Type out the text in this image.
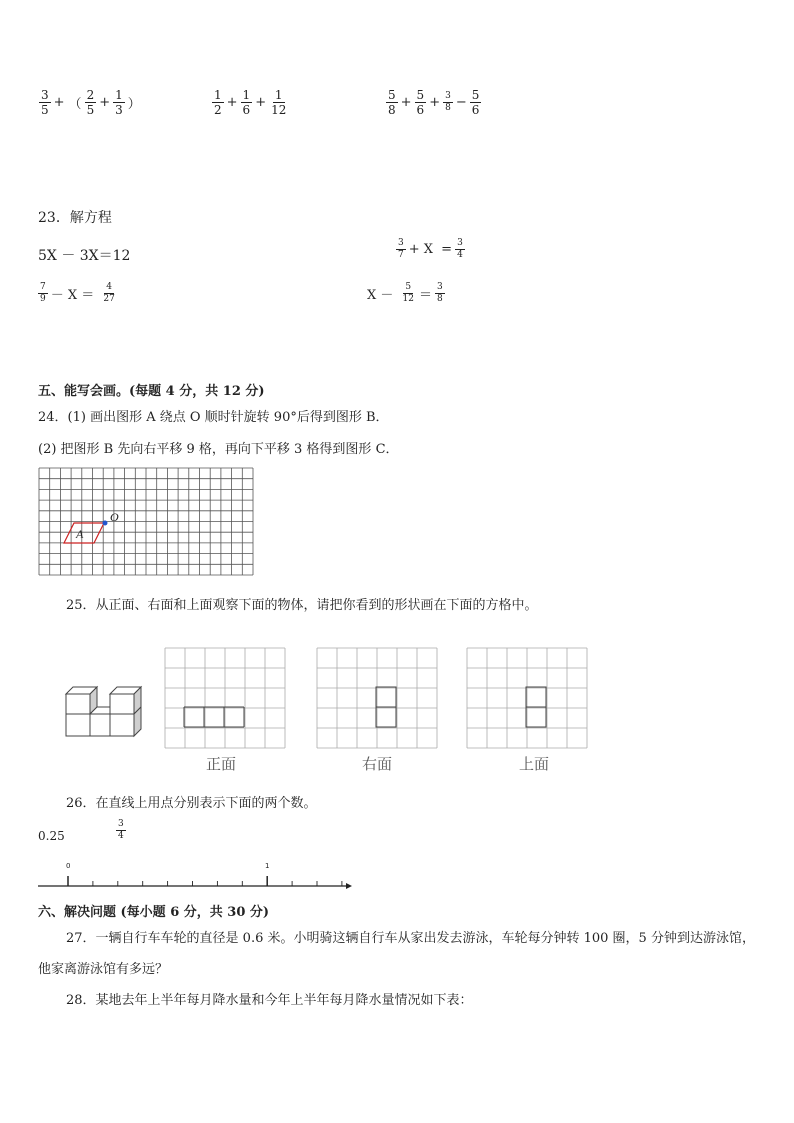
$\frac{3}{5}$ + （ $\frac{2}{5} + \frac{1}{3}$ ）	$\frac{1}{2} + \frac{1}{6} + \frac{1}{12}$	$\frac{5}{8} + \frac{5}{6} + \frac{3}{8} - \frac{5}{6}$
23．解方程
5X － 3X＝12	$\frac{3}{7} + X = \frac{3}{4}$
$\frac{7}{9} - X = \frac{4}{27}$	$X - \frac{5}{12} = \frac{3}{8}$
五、能写会画。(每题 4 分，共 12 分)
24．(1) 画出图形 A 绕点 O 顺时针旋转 90°后得到图形 B．
(2) 把图形 B 先向右平移 9 格，再向下平移 3 格得到图形 C．
O
A
25．从正面、右面和上面观察下面的物体，请把你看到的形状画在下面的方格中。
正面	右面	上面
26．在直线上用点分别表示下面的两个数。
0.25	$\frac{3}{4}$
0	1
六、解决问题 (每小题 6 分，共 30 分)
27．一辆自行车车轮的直径是 0.6 米。小明骑这辆自行车从家出发去游泳，车轮每分钟转 100 圈，5 分钟到达游泳馆，
他家离游泳馆有多远？
28．某地去年上半年每月降水量和今年上半年每月降水量情况如下表：
